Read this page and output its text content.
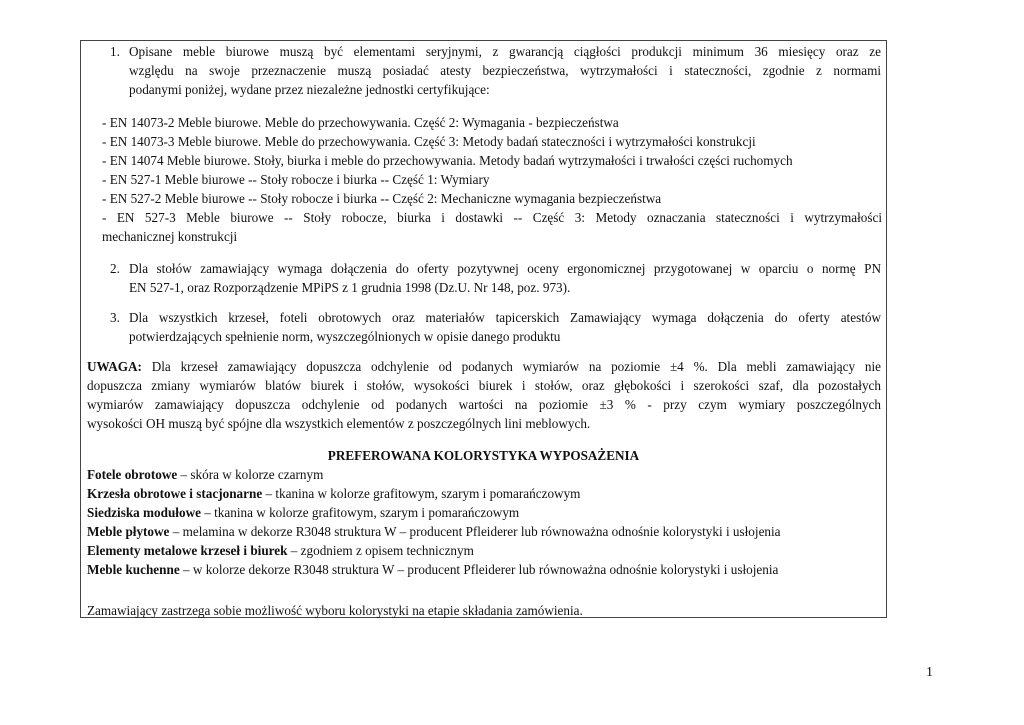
1. Opisane meble biurowe muszą być elementami seryjnymi, z gwarancją ciągłości produkcji minimum 36 miesięcy oraz ze

względu na swoje przeznaczenie muszą posiadać atesty bezpieczeństwa, wytrzymałości i stateczności, zgodnie z normami

podanymi poniżej, wydane przez niezależne jednostki certyfikujące:

- EN 14073-2 Meble biurowe. Meble do przechowywania. Część 2: Wymagania - bezpieczeństwa

- EN 14073-3 Meble biurowe. Meble do przechowywania. Część 3: Metody badań stateczności i wytrzymałości konstrukcji

- EN 14074 Meble biurowe. Stoły, biurka i meble do przechowywania. Metody badań wytrzymałości i trwałości części ruchomych

- EN 527-1 Meble biurowe -- Stoły robocze i biurka -- Część 1: Wymiary

- EN 527-2 Meble biurowe -- Stoły robocze i biurka -- Część 2: Mechaniczne wymagania bezpieczeństwa

- EN 527-3 Meble biurowe -- Stoły robocze, biurka i dostawki -- Część 3: Metody oznaczania stateczności i wytrzymałości

mechanicznej konstrukcji

2. Dla stołów zamawiający wymaga dołączenia do oferty pozytywnej oceny ergonomicznej przygotowanej w oparciu o normę PN

EN 527-1, oraz Rozporządzenie MPiPS z 1 grudnia 1998 (Dz.U. Nr 148, poz. 973).

3. Dla wszystkich krzeseł, foteli obrotowych oraz materiałów tapicerskich Zamawiający wymaga dołączenia do oferty atestów

potwierdzających spełnienie norm, wyszczególnionych w opisie danego produktu

UWAGA: Dla krzeseł zamawiający dopuszcza odchylenie od podanych wymiarów na poziomie ±4 %. Dla mebli zamawiający nie

dopuszcza zmiany wymiarów blatów biurek i stołów, wysokości biurek i stołów, oraz głębokości i szerokości szaf, dla pozostałych

wymiarów zamawiający dopuszcza odchylenie od podanych wartości na poziomie ±3 % - przy czym wymiary poszczególnych

wysokości OH muszą być spójne dla wszystkich elementów z poszczególnych lini meblowych.

PREFEROWANA KOLORYSTYKA WYPOSAŻENIA

Fotele obrotowe – skóra w kolorze czarnym

Krzesła obrotowe i stacjonarne – tkanina w kolorze grafitowym, szarym i pomarańczowym

Siedziska modułowe – tkanina w kolorze grafitowym, szarym i pomarańczowym

Meble płytowe – melamina w dekorze R3048 struktura W – producent Pfleiderer lub równoważna odnośnie kolorystyki i usłojenia

Elementy metalowe krzeseł i biurek – zgodniem z opisem technicznym

Meble kuchenne – w kolorze dekorze R3048 struktura W – producent Pfleiderer lub równoważna odnośnie kolorystyki i usłojenia

Zamawiający zastrzega sobie możliwość wyboru kolorystyki na etapie składania zamówienia.
1
